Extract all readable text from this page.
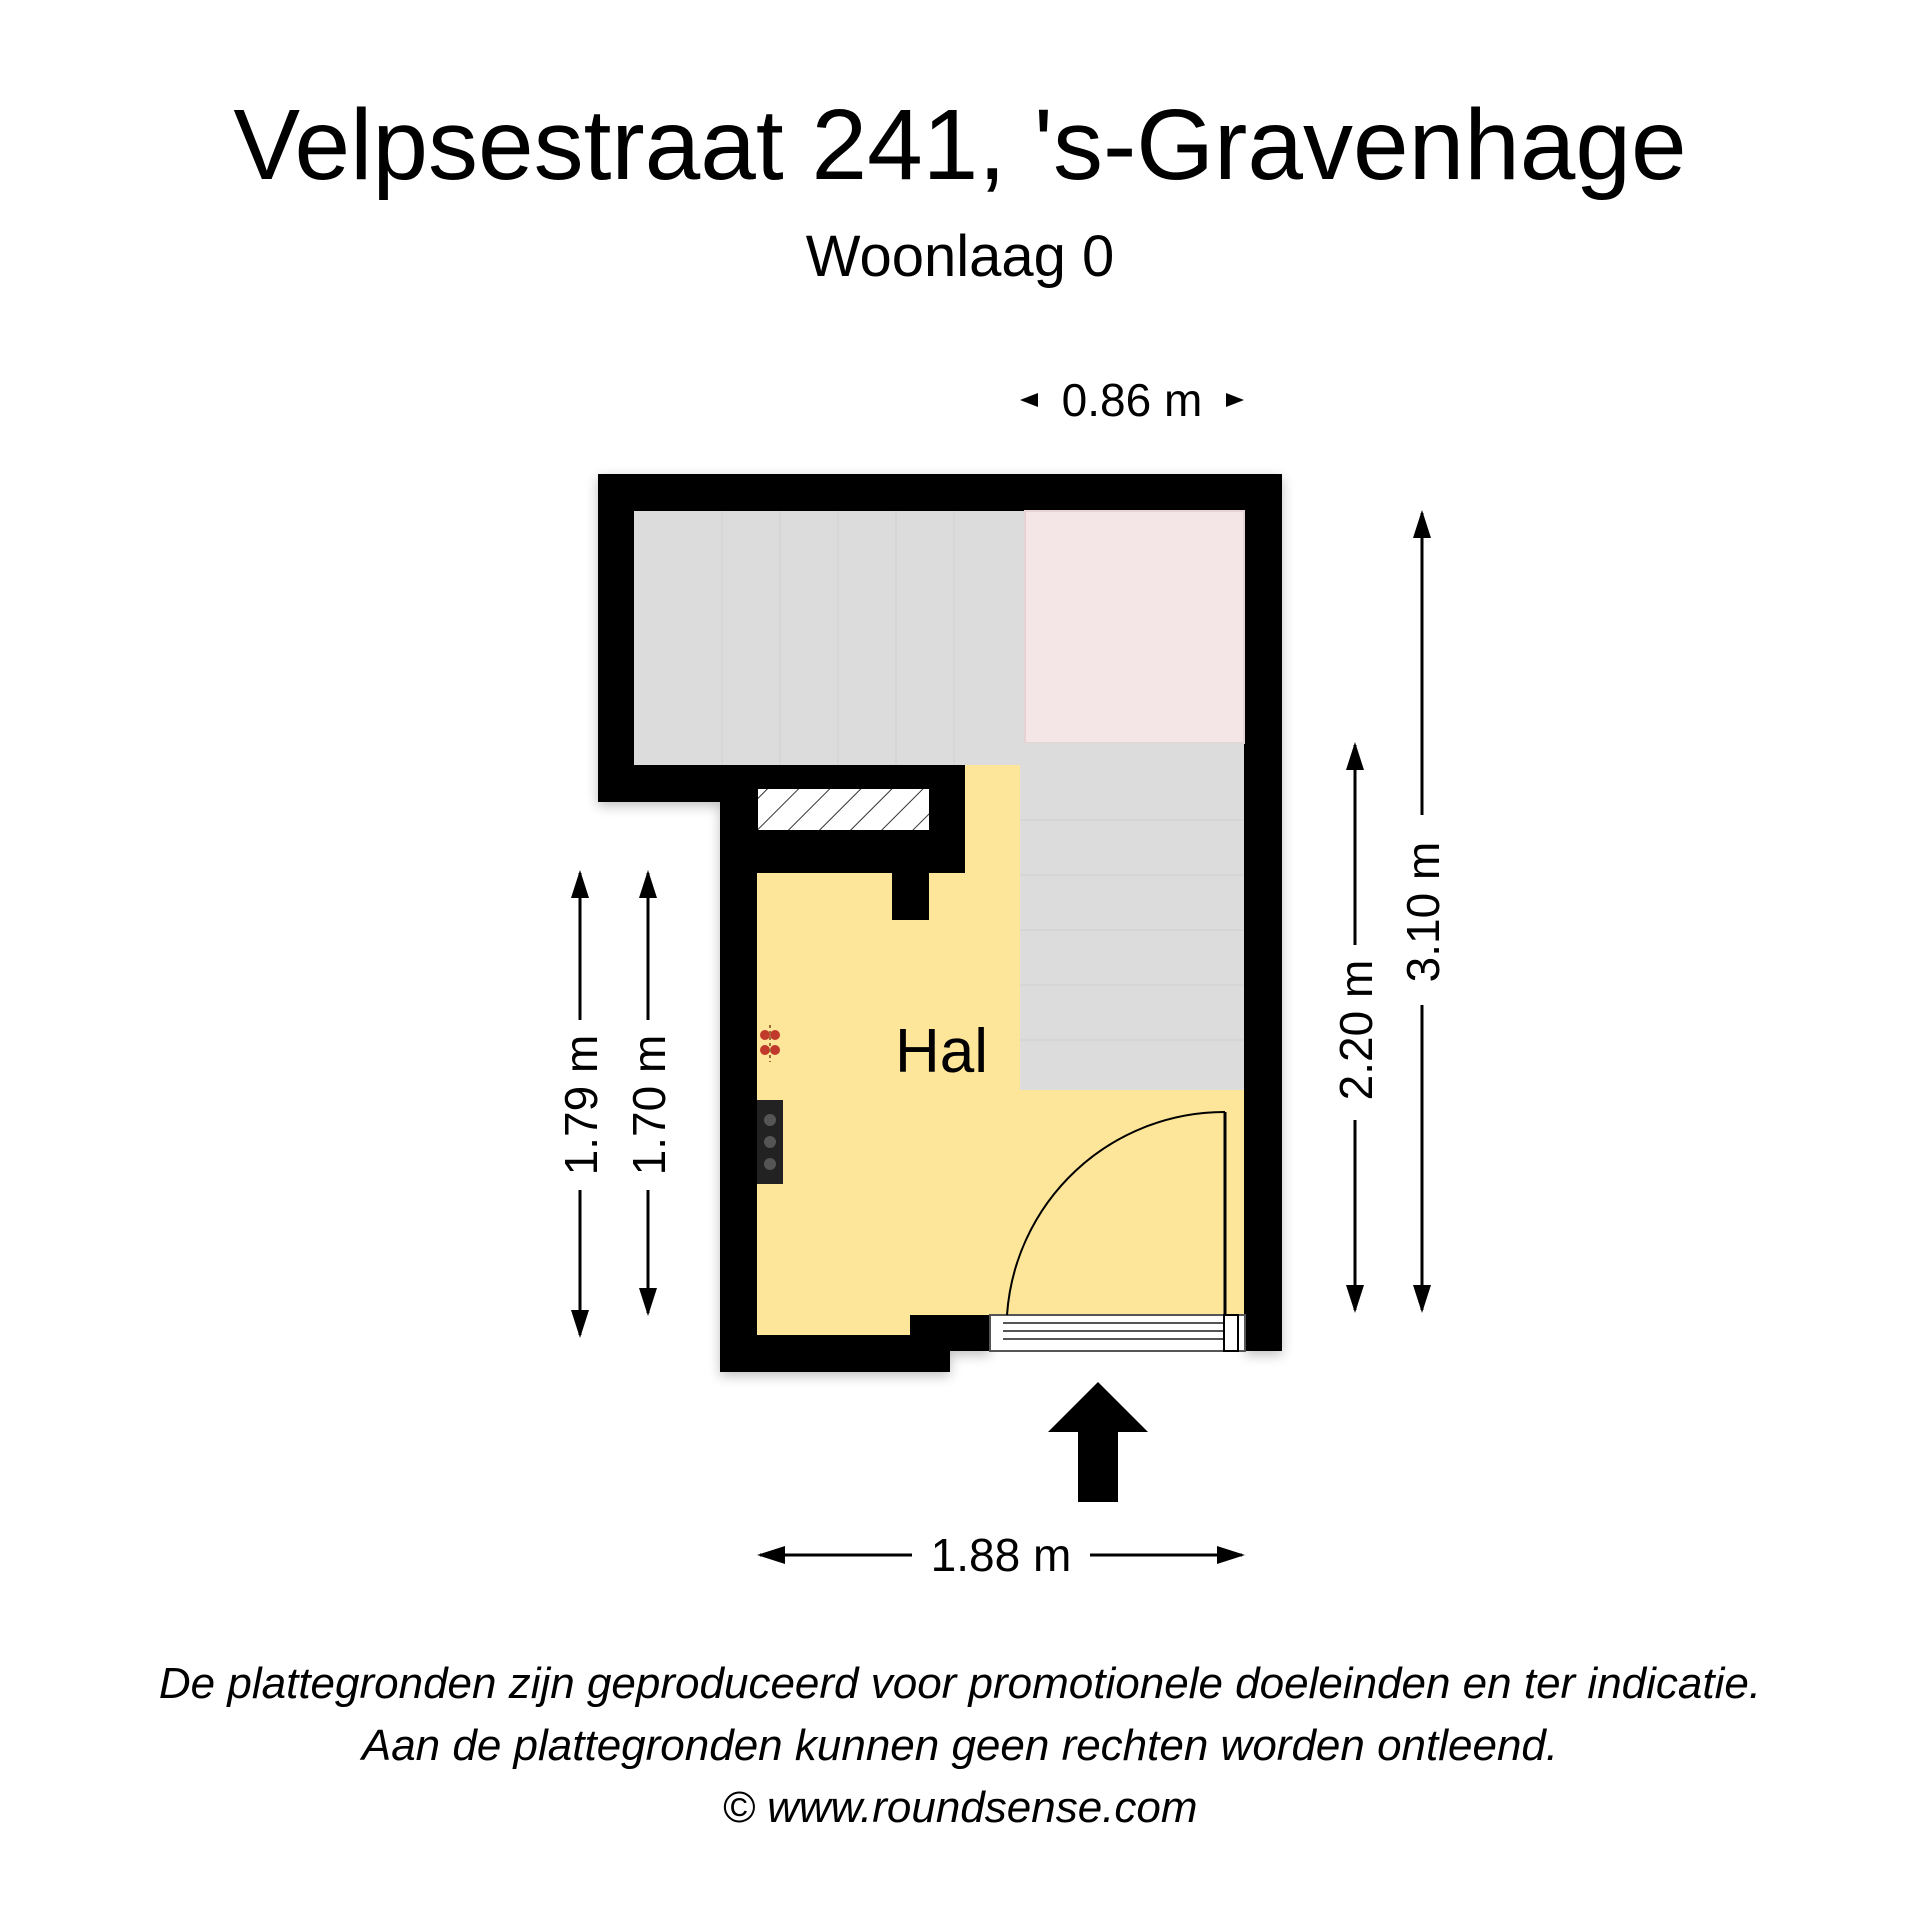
Velpsestraat 241, 's-Gravenhage
Woonlaag 0
Hal
0.86 m
1.88 m
1.79 m 1.70 m
2.20 m
3.10 m
De plattegronden zijn geproduceerd voor promotionele doeleinden en ter indicatie.
Aan de plattegronden kunnen geen rechten worden ontleend.
© www.roundsense.com
